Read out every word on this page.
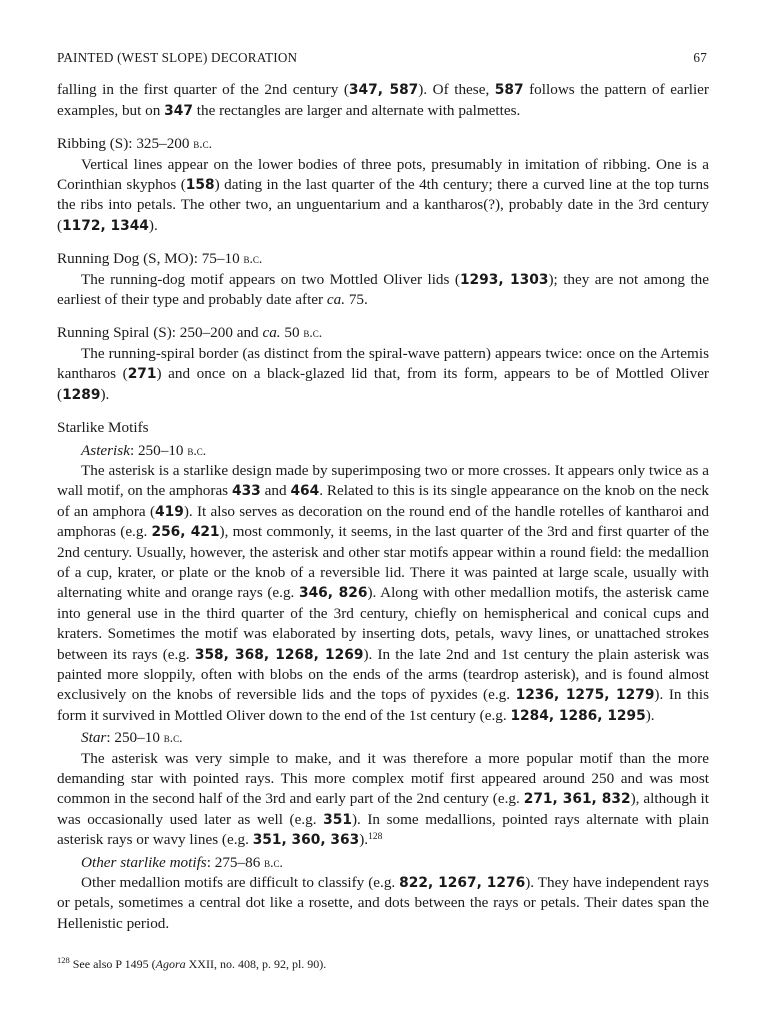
PAINTED (WEST SLOPE) DECORATION	67

falling in the first quarter of the 2nd century (347, 587). Of these, 587 follows the pattern of earlier examples, but on 347 the rectangles are larger and alternate with palmettes.

Ribbing (S): 325–200 b.c.

Vertical lines appear on the lower bodies of three pots, presumably in imitation of ribbing. One is a Corinthian skyphos (158) dating in the last quarter of the 4th century; there a curved line at the top turns the ribs into petals. The other two, an unguentarium and a kantharos(?), probably date in the 3rd century (1172, 1344).

Running Dog (S, MO): 75–10 b.c.

The running-dog motif appears on two Mottled Oliver lids (1293, 1303); they are not among the earliest of their type and probably date after ca. 75.

Running Spiral (S): 250–200 and ca. 50 b.c.

The running-spiral border (as distinct from the spiral-wave pattern) appears twice: once on the Artemis kantharos (271) and once on a black-glazed lid that, from its form, appears to be of Mottled Oliver (1289).

Starlike Motifs

Asterisk: 250–10 b.c.

The asterisk is a starlike design made by superimposing two or more crosses. It appears only twice as a wall motif, on the amphoras 433 and 464. Related to this is its single appearance on the knob on the neck of an amphora (419). It also serves as decoration on the round end of the handle rotelles of kantharoi and amphoras (e.g. 256, 421), most commonly, it seems, in the last quarter of the 3rd and first quarter of the 2nd century. Usually, however, the asterisk and other star motifs appear within a round field: the medallion of a cup, krater, or plate or the knob of a reversible lid. There it was painted at large scale, usually with alternating white and orange rays (e.g. 346, 826). Along with other medallion motifs, the asterisk came into general use in the third quarter of the 3rd century, chiefly on hemispherical and conical cups and kraters. Sometimes the motif was elaborated by inserting dots, petals, wavy lines, or unattached strokes between its rays (e.g. 358, 368, 1268, 1269). In the late 2nd and 1st century the plain asterisk was painted more sloppily, often with blobs on the ends of the arms (teardrop asterisk), and is found almost exclusively on the knobs of reversible lids and the tops of pyxides (e.g. 1236, 1275, 1279). In this form it survived in Mottled Oliver down to the end of the 1st century (e.g. 1284, 1286, 1295).

Star: 250–10 b.c.

The asterisk was very simple to make, and it was therefore a more popular motif than the more demanding star with pointed rays. This more complex motif first appeared around 250 and was most common in the second half of the 3rd and early part of the 2nd century (e.g. 271, 361, 832), although it was occasionally used later as well (e.g. 351). In some medallions, pointed rays alternate with plain asterisk rays or wavy lines (e.g. 351, 360, 363).$^{128}$

Other starlike motifs: 275–86 b.c.

Other medallion motifs are difficult to classify (e.g. 822, 1267, 1276). They have independent rays or petals, sometimes a central dot like a rosette, and dots between the rays or petals. Their dates span the Hellenistic period.

$^{128}$ See also P 1495 (Agora XXII, no. 408, p. 92, pl. 90).
